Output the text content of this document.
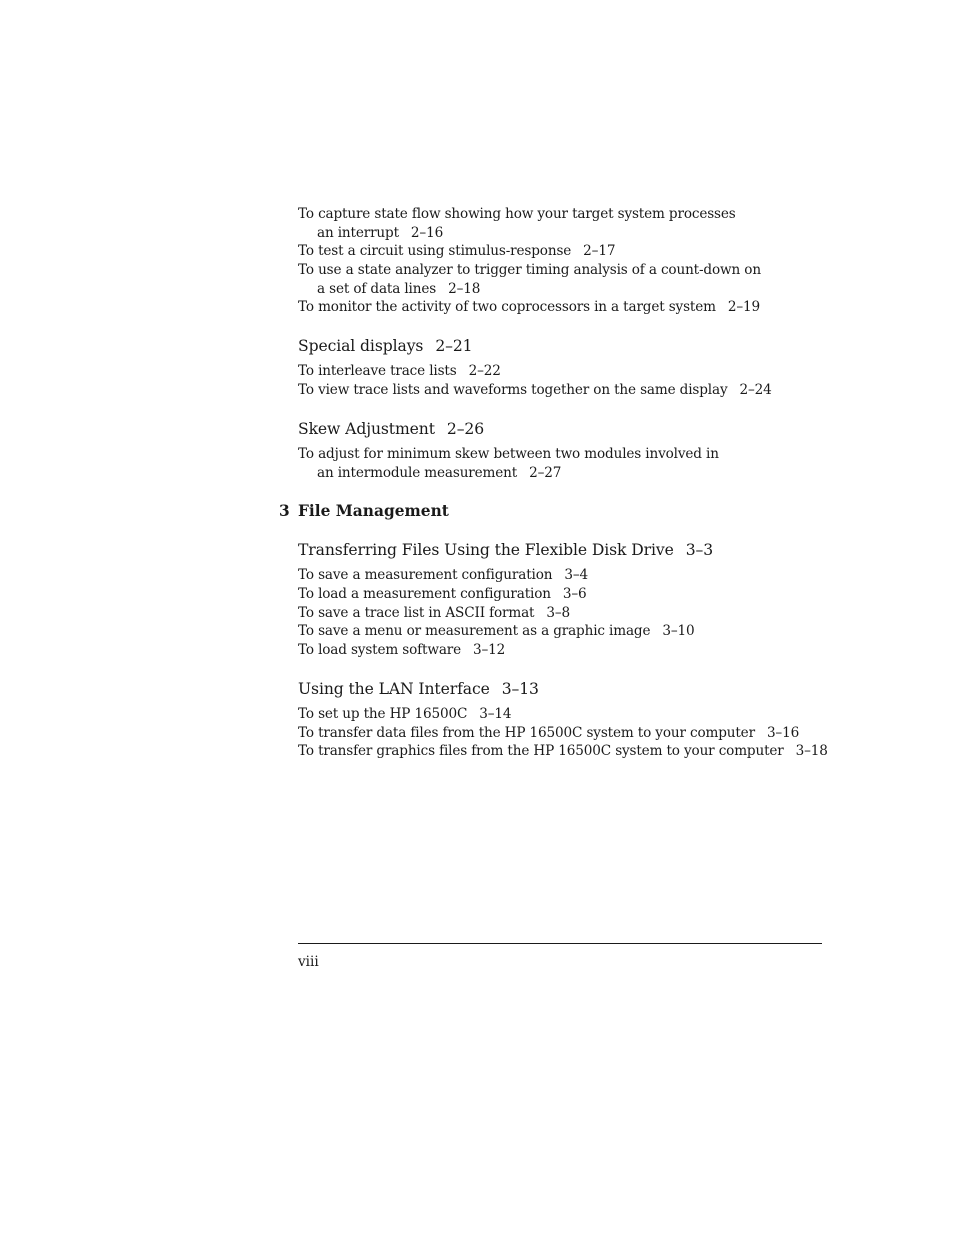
To capture state flow showing how your target system processes
an interrupt 2–16
To test a circuit using stimulus-response 2–17
To use a state analyzer to trigger timing analysis of a count-down on
a set of data lines 2–18
To monitor the activity of two coprocessors in a target system 2–19
Special displays 2–21
To interleave trace lists 2–22
To view trace lists and waveforms together on the same display 2–24
Skew Adjustment 2–26
To adjust for minimum skew between two modules involved in
an intermodule measurement 2–27
3 File Management
Transferring Files Using the Flexible Disk Drive 3–3
To save a measurement configuration 3–4
To load a measurement configuration 3–6
To save a trace list in ASCII format 3–8
To save a menu or measurement as a graphic image 3–10
To load system software 3–12
Using the LAN Interface 3–13
To set up the HP 16500C 3–14
To transfer data files from the HP 16500C system to your computer 3–16
To transfer graphics files from the HP 16500C system to your computer 3–18
viii
